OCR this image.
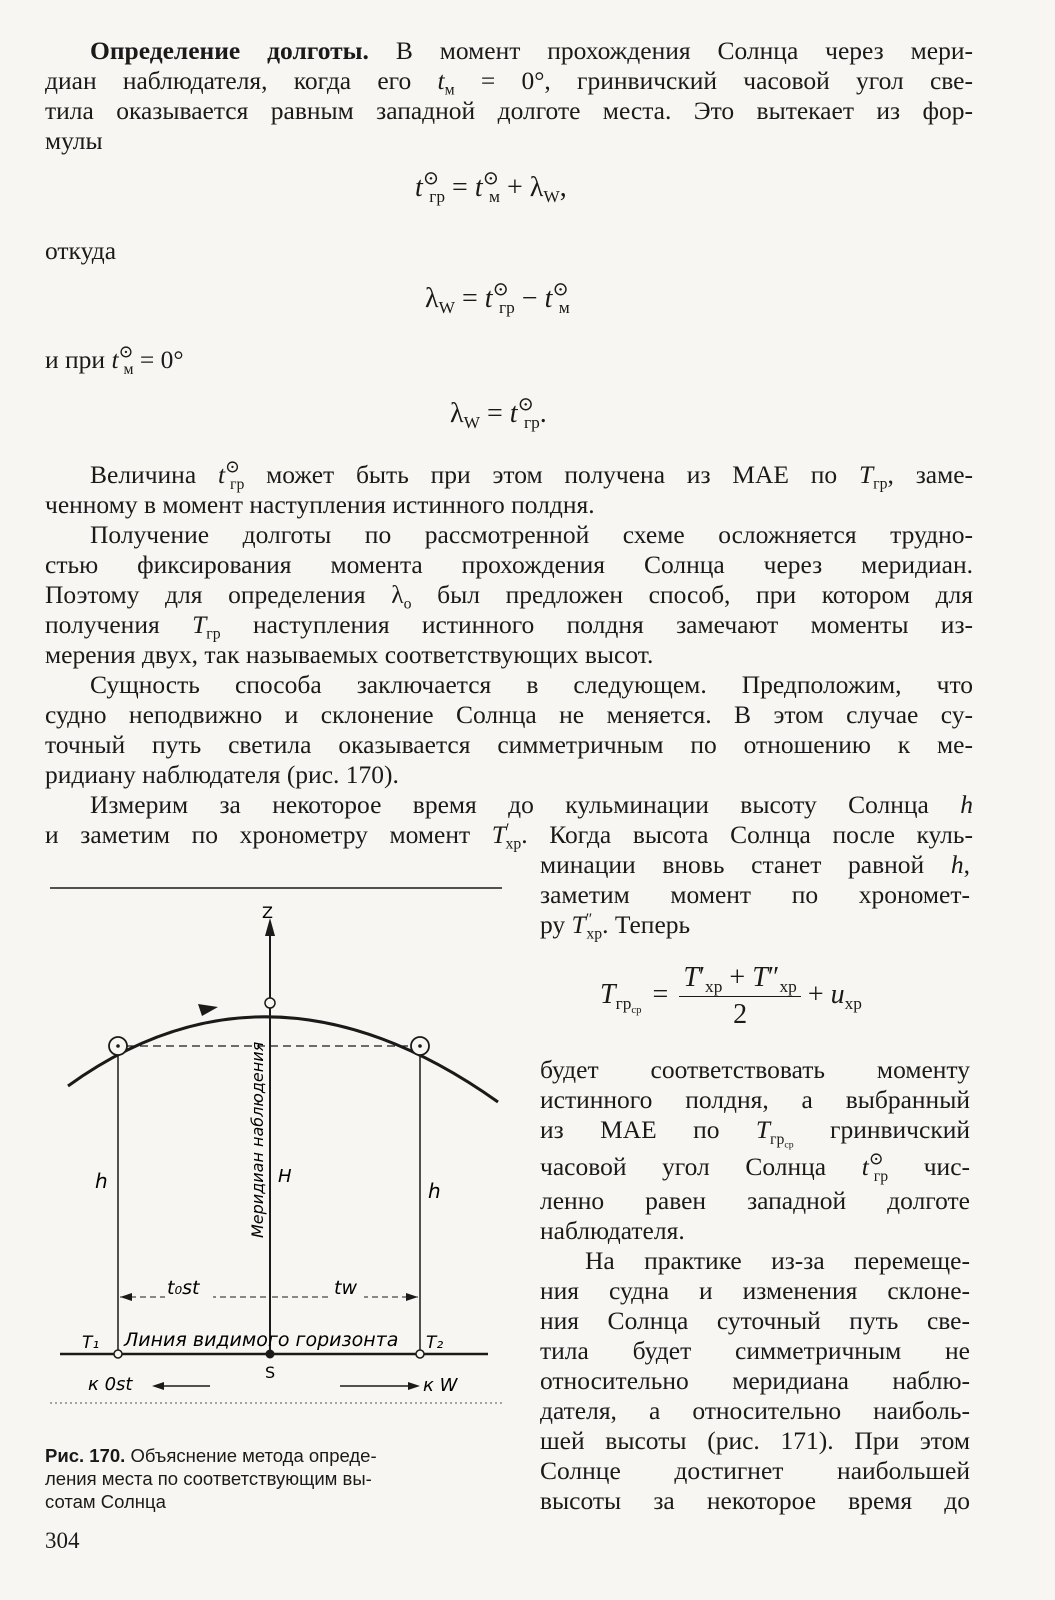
Определение долготы. В момент прохождения Солнца через мери-
диан наблюдателя, когда его $t_м = 0^\circ$, гринвичский часовой угол све-
тила оказывается равным западной долготе места. Это вытекает из фор-
мулы
$t^⊙_{гр} = t^⊙_м + \lambda_W$,
откуда
$\lambda_W = t^⊙_{гр} - t^⊙_м$
и при $t^⊙_м = 0^\circ$
$\lambda_W = t^⊙_{гр}$.
Величина $t^⊙_{гр}$ может быть при этом получена из МАЕ по $T_{гр}$, заме-
ченному в момент наступления истинного полдня.
Получение долготы по рассмотренной схеме осложняется трудно-
стью фиксирования момента прохождения Солнца через меридиан.
Поэтому для определения $\lambda_о$ был предложен способ, при котором для
получения $T_{гр}$ наступления истинного полдня замечают моменты из-
мерения двух, так называемых соответствующих высот.
Сущность способа заключается в следующем. Предположим, что
судно неподвижно и склонение Солнца не меняется. В этом случае су-
точный путь светила оказывается симметричным по отношению к ме-
ридиану наблюдателя (рис. 170).
Измерим за некоторое время до кульминации высоту Солнца h
и заметим по хронометру момент $T'_{хр}$. Когда высота Солнца после куль-
минации вновь станет равной h,
заметим момент по хрономет-
ру $T''_{хр}$. Теперь
$T_{гр_{ср}} = \frac{T'_{хр} + T''_{хр}}{2} + u_{хр}$
будет соответствовать моменту
истинного полдня, а выбранный
из МАЕ по $T_{гр_{ср}}$ гринвичский
часовой угол Солнца $t^⊙_{гр}$ чис-
ленно равен западной долготе
наблюдателя.
На практике из-за перемеще-
ния судна и изменения склоне-
ния Солнца суточный путь све-
тила будет симметричным не
относительно меридиана наблю-
дателя, а относительно наиболь-
шей высоты (рис. 171). При этом
Солнце достигнет наибольшей
высоты за некоторое время до
Z
Меридиан наблюдения
h	H
h
t₀st	tw
T₁	T₂
Линия видимого горизонта
S
к 0st	к W
Рис. 170. Объяснение метода опреде-
ления места по соответствующим вы-
сотам Солнца
304
